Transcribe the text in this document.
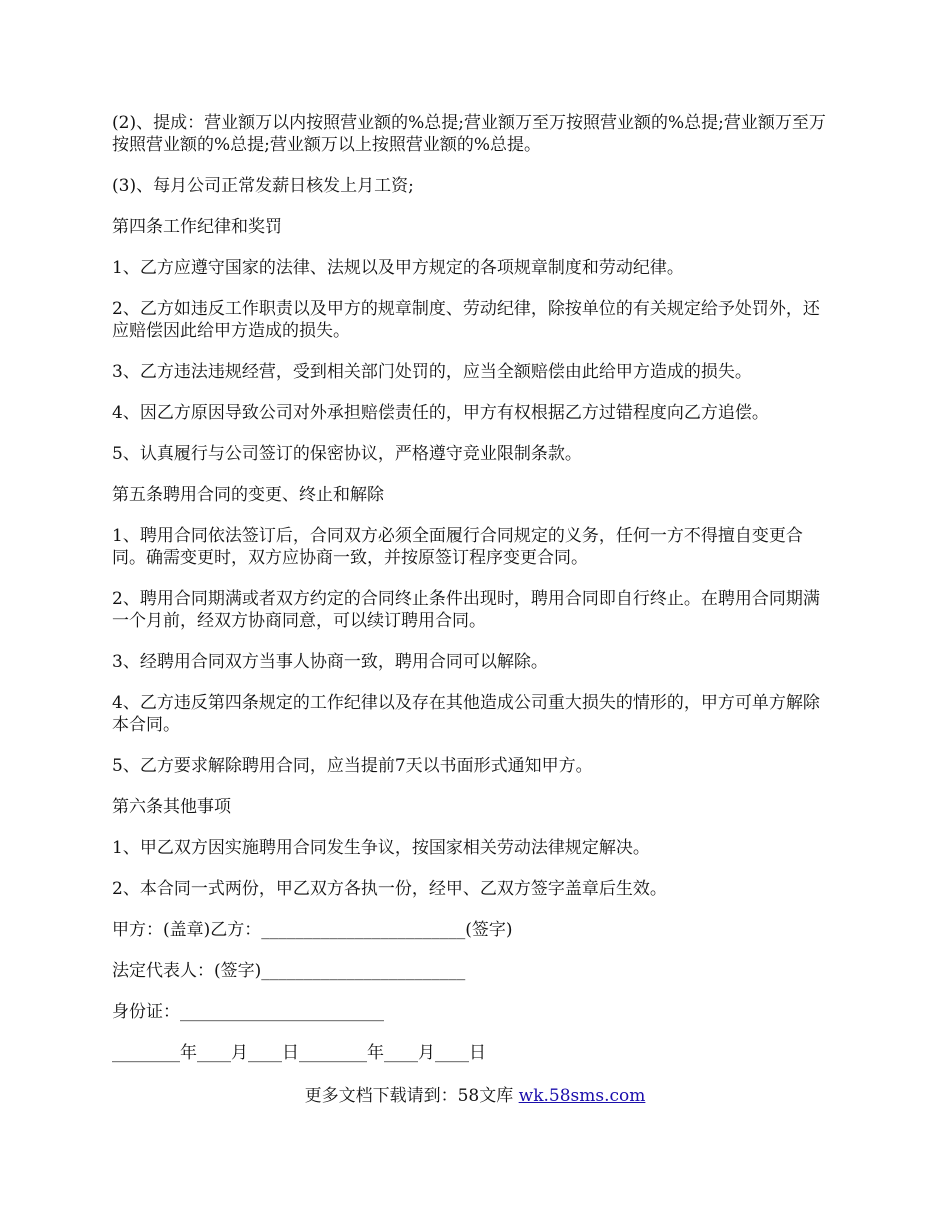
(2)、提成：营业额万以内按照营业额的%总提;营业额万至万按照营业额的%总提;营业额万至万按照营业额的%总提;营业额万以上按照营业额的%总提。

(3)、每月公司正常发薪日核发上月工资;

第四条工作纪律和奖罚

1、乙方应遵守国家的法律、法规以及甲方规定的各项规章制度和劳动纪律。

2、乙方如违反工作职责以及甲方的规章制度、劳动纪律，除按单位的有关规定给予处罚外，还应赔偿因此给甲方造成的损失。

3、乙方违法违规经营，受到相关部门处罚的，应当全额赔偿由此给甲方造成的损失。

4、因乙方原因导致公司对外承担赔偿责任的，甲方有权根据乙方过错程度向乙方追偿。

5、认真履行与公司签订的保密协议，严格遵守竞业限制条款。

第五条聘用合同的变更、终止和解除

1、聘用合同依法签订后，合同双方必须全面履行合同规定的义务，任何一方不得擅自变更合同。确需变更时，双方应协商一致，并按原签订程序变更合同。

2、聘用合同期满或者双方约定的合同终止条件出现时，聘用合同即自行终止。在聘用合同期满一个月前，经双方协商同意，可以续订聘用合同。

3、经聘用合同双方当事人协商一致，聘用合同可以解除。

4、乙方违反第四条规定的工作纪律以及存在其他造成公司重大损失的情形的，甲方可单方解除本合同。

5、乙方要求解除聘用合同，应当提前7天以书面形式通知甲方。

第六条其他事项

1、甲乙双方因实施聘用合同发生争议，按国家相关劳动法律规定解决。

2、本合同一式两份，甲乙双方各执一份，经甲、乙双方签字盖章后生效。

甲方：(盖章)乙方：________________________(签字)

法定代表人：(签字)________________________

身份证：________________________

________年____月____日________年____月____日

更多文档下载请到：58文库 wk.58sms.com
